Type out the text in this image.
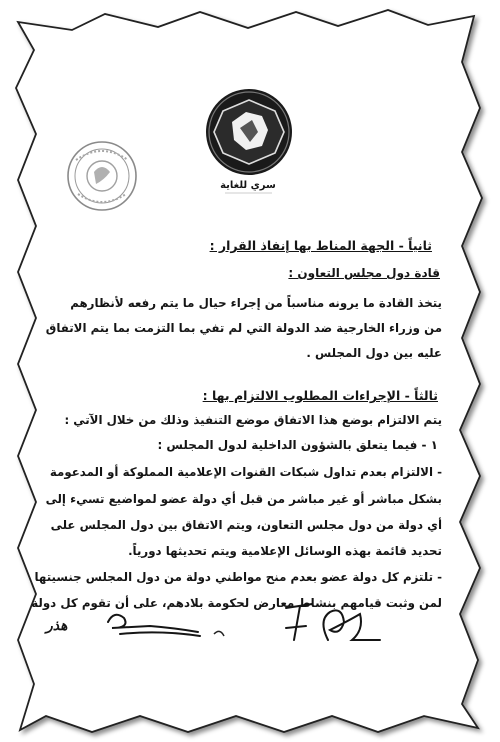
سري للغاية
ثانياً - الجهة المناط بها إنفاذ القرار :
قادة دول مجلس التعاون :
يتخذ القادة ما يرونه مناسباً من إجراء حيال ما يتم رفعه لأنظارهم
من وزراء الخارجية ضد الدولة التي لم تفي بما التزمت بما يتم الاتفاق
عليه بين دول المجلس .
ثالثاً - الإجراءات المطلوب الالتزام بها :
يتم الالتزام بوضع هذا الاتفاق موضع التنفيذ وذلك من خلال الآتي :
١ - فيما يتعلق بالشؤون الداخلية لدول المجلس :
- الالتزام بعدم تداول شبكات القنوات الإعلامية المملوكة أو المدعومة
بشكل مباشر أو غير مباشر من قبل أي دولة عضو لمواضيع تسيء إلى
أي دولة من دول مجلس التعاون، ويتم الاتفاق بين دول المجلس على
تحديد قائمة بهذه الوسائل الإعلامية ويتم تحديثها دورياً.
- تلتزم كل دولة عضو بعدم منح مواطني دولة من دول المجلس جنسيتها
لمن وثبت قيامهم بنشاط معارض لحكومة بلادهم، على أن تقوم كل دولة
هذر
